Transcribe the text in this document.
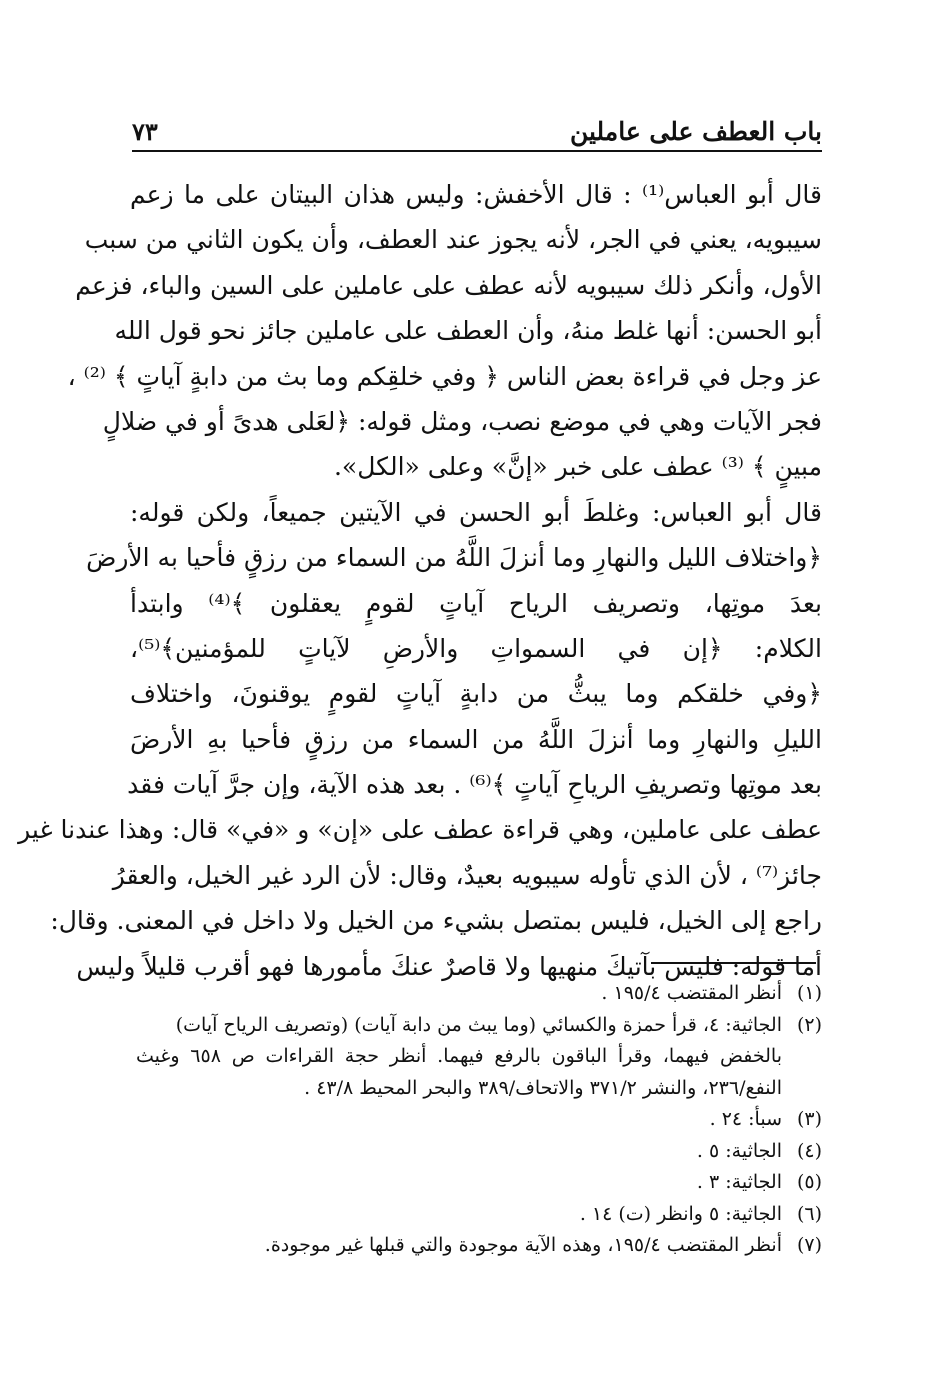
باب العطف على عاملين
٧٣
قال أبو العباس⁽¹⁾ : قال الأخفش: وليس هذان البيتان على ما زعم
سيبويه، يعني في الجر، لأنه يجوز عند العطف، وأن يكون الثاني من سبب
الأول، وأنكر ذلك سيبويه لأنه عطف على عاملين على السين والباء، فزعم
أبو الحسن: أنها غلط منهُ، وأن العطف على عاملين جائز نحو قول الله
عز وجل في قراءة بعض الناس ﴿ وفي خلقِكم وما بث من دابةٍ آياتٍ ﴾ ⁽²⁾ ،
فجر الآيات وهي في موضع نصب، ومثل قوله: ﴿لعَلى هدىً أو في ضلالٍ
مبينٍ ﴾ ⁽³⁾ عطف على خبر «إنَّ» وعلى «الكل».
قال أبو العباس: وغلطَ أبو الحسن في الآيتين جميعاً، ولكن قوله:
﴿واختلاف الليل والنهارِ وما أنزلَ اللَّهُ من السماء من رزقٍ فأحيا به الأرضَ
بعدَ موتِها، وتصريف الرياح آياتٍ لقومٍ يعقلون ﴾⁽⁴⁾ وابتدأ
الكلام: ﴿إن في السمواتِ والأرضِ لآياتٍ للمؤمنين﴾⁽⁵⁾،
﴿وفي خلقكم وما يبثُّ من دابةٍ آياتٍ لقومٍ يوقنونَ، واختلاف
الليلِ والنهارِ وما أنزلَ اللَّهُ من السماء من رزقٍ فأحيا بهِ الأرضَ
بعد موتِها وتصريفِ الرياحِ آياتٍ ﴾⁽⁶⁾ . بعد هذه الآية، وإن جرَّ آيات فقد
عطف على عاملين، وهي قراءة عطف على «إن» و «في» قال: وهذا عندنا غير
جائز⁽⁷⁾ ، لأن الذي تأوله سيبويه بعيدٌ، وقال: لأن الرد غير الخيل، والعقرُ
راجع إلى الخيل، فليس بمتصل بشيء من الخيل ولا داخل في المعنى. وقال:
أما قوله: فليس بآتيكَ منهيها ولا قاصرٌ عنكَ مأمورها فهو أقرب قليلاً وليس
(١)أنظر المقتضب ١٩٥/٤ .
(٢)الجاثية: ٤، قرأ حمزة والكسائي (وما يبث من دابة آيات) (وتصريف الرياح آيات)
بالخفض فيهما، وقرأ الباقون بالرفع فيهما. أنظر حجة القراءات ص ٦٥٨ وغيث
النفع/٢٣٦، والنشر ٣٧١/٢ والاتحاف/٣٨٩ والبحر المحيط ٤٣/٨ .
(٣)سبأ: ٢٤ .
(٤)الجاثية: ٥ .
(٥)الجاثية: ٣ .
(٦)الجاثية: ٥ وانظر (ت) ١٤ .
(٧)أنظر المقتضب ١٩٥/٤، وهذه الآية موجودة والتي قبلها غير موجودة.
